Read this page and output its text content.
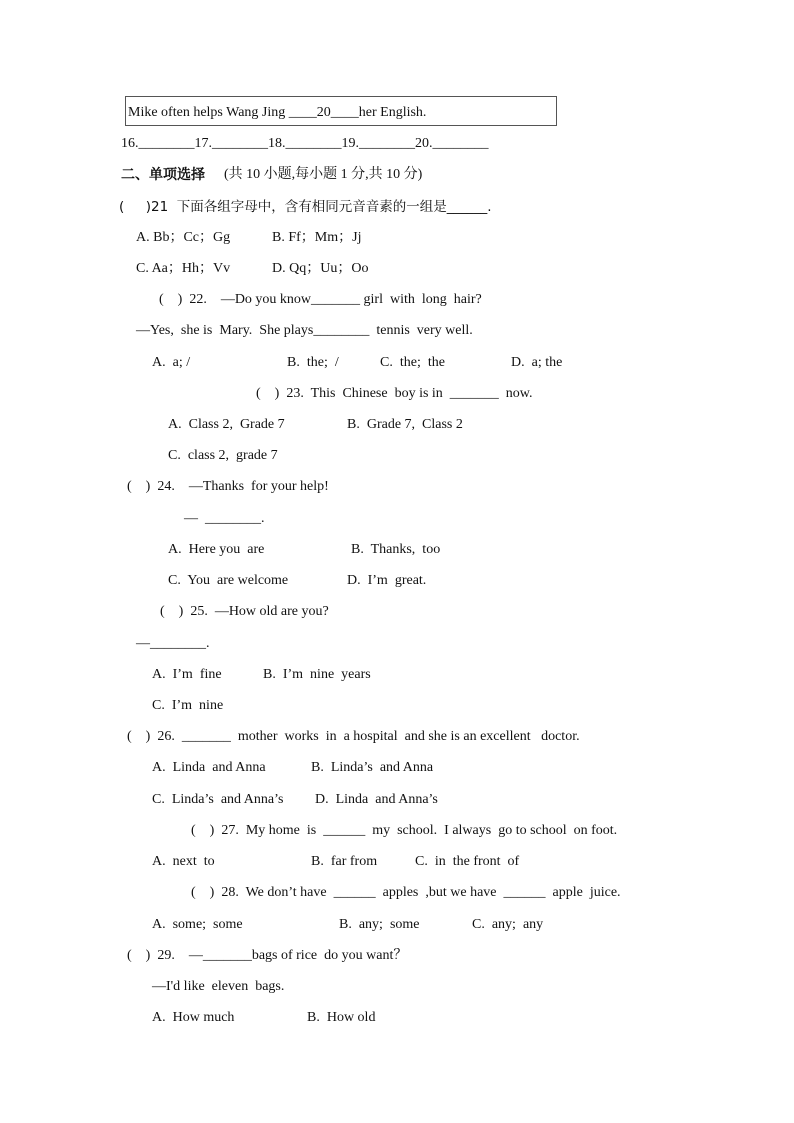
Mike often helps Wang Jing ____20____her English.
16.________17.________18.________19.________20.________
二、单项选择 (共 10 小题,每小题 1 分,共 10 分)
(     )21  下面各组字母中，含有相同元音音素的一组是______.
A. Bb；Cc；Gg	B. Ff；Mm；Jj
C. Aa；Hh；Vv	D. Qq；Uu；Oo
(    )  22.    —Do you know_______ girl  with  long  hair?
—Yes,  she is  Mary.  She plays________  tennis  very well.
A.  a; /	B.  the;  /	C.  the;  the	D.  a; the
(    )  23.  This  Chinese  boy is in  _______  now.
A.  Class 2,  Grade 7	B.  Grade 7,  Class 2
C.  class 2,  grade 7
(    )  24.    —Thanks  for your help!
—  ________.
A.  Here you  are	B.  Thanks,  too
C.  You  are welcome	D.  I’m  great.
(    )  25.  —How old are you?
—________.
A.  I’m  fine	B.  I’m  nine  years
C.  I’m  nine
(    )  26.  _______  mother  works  in  a hospital  and she is an excellent   doctor.
A.  Linda  and Anna	B.  Linda’s  and Anna
C.  Linda’s  and Anna’s D.  Linda  and Anna’s
(    )  27.  My home  is  ______  my  school.  I always  go to school  on foot.
A.  next  to	B.  far from	C.  in  the front  of
(    )  28.  We don’t have  ______  apples  ,but we have  ______  apple  juice.
A.  some;  some	B.  any;  some	C.  any;  any
(    )  29.    —_______bags of rice  do you want？
—I'd like  eleven  bags.
A.  How much	B.  How old
